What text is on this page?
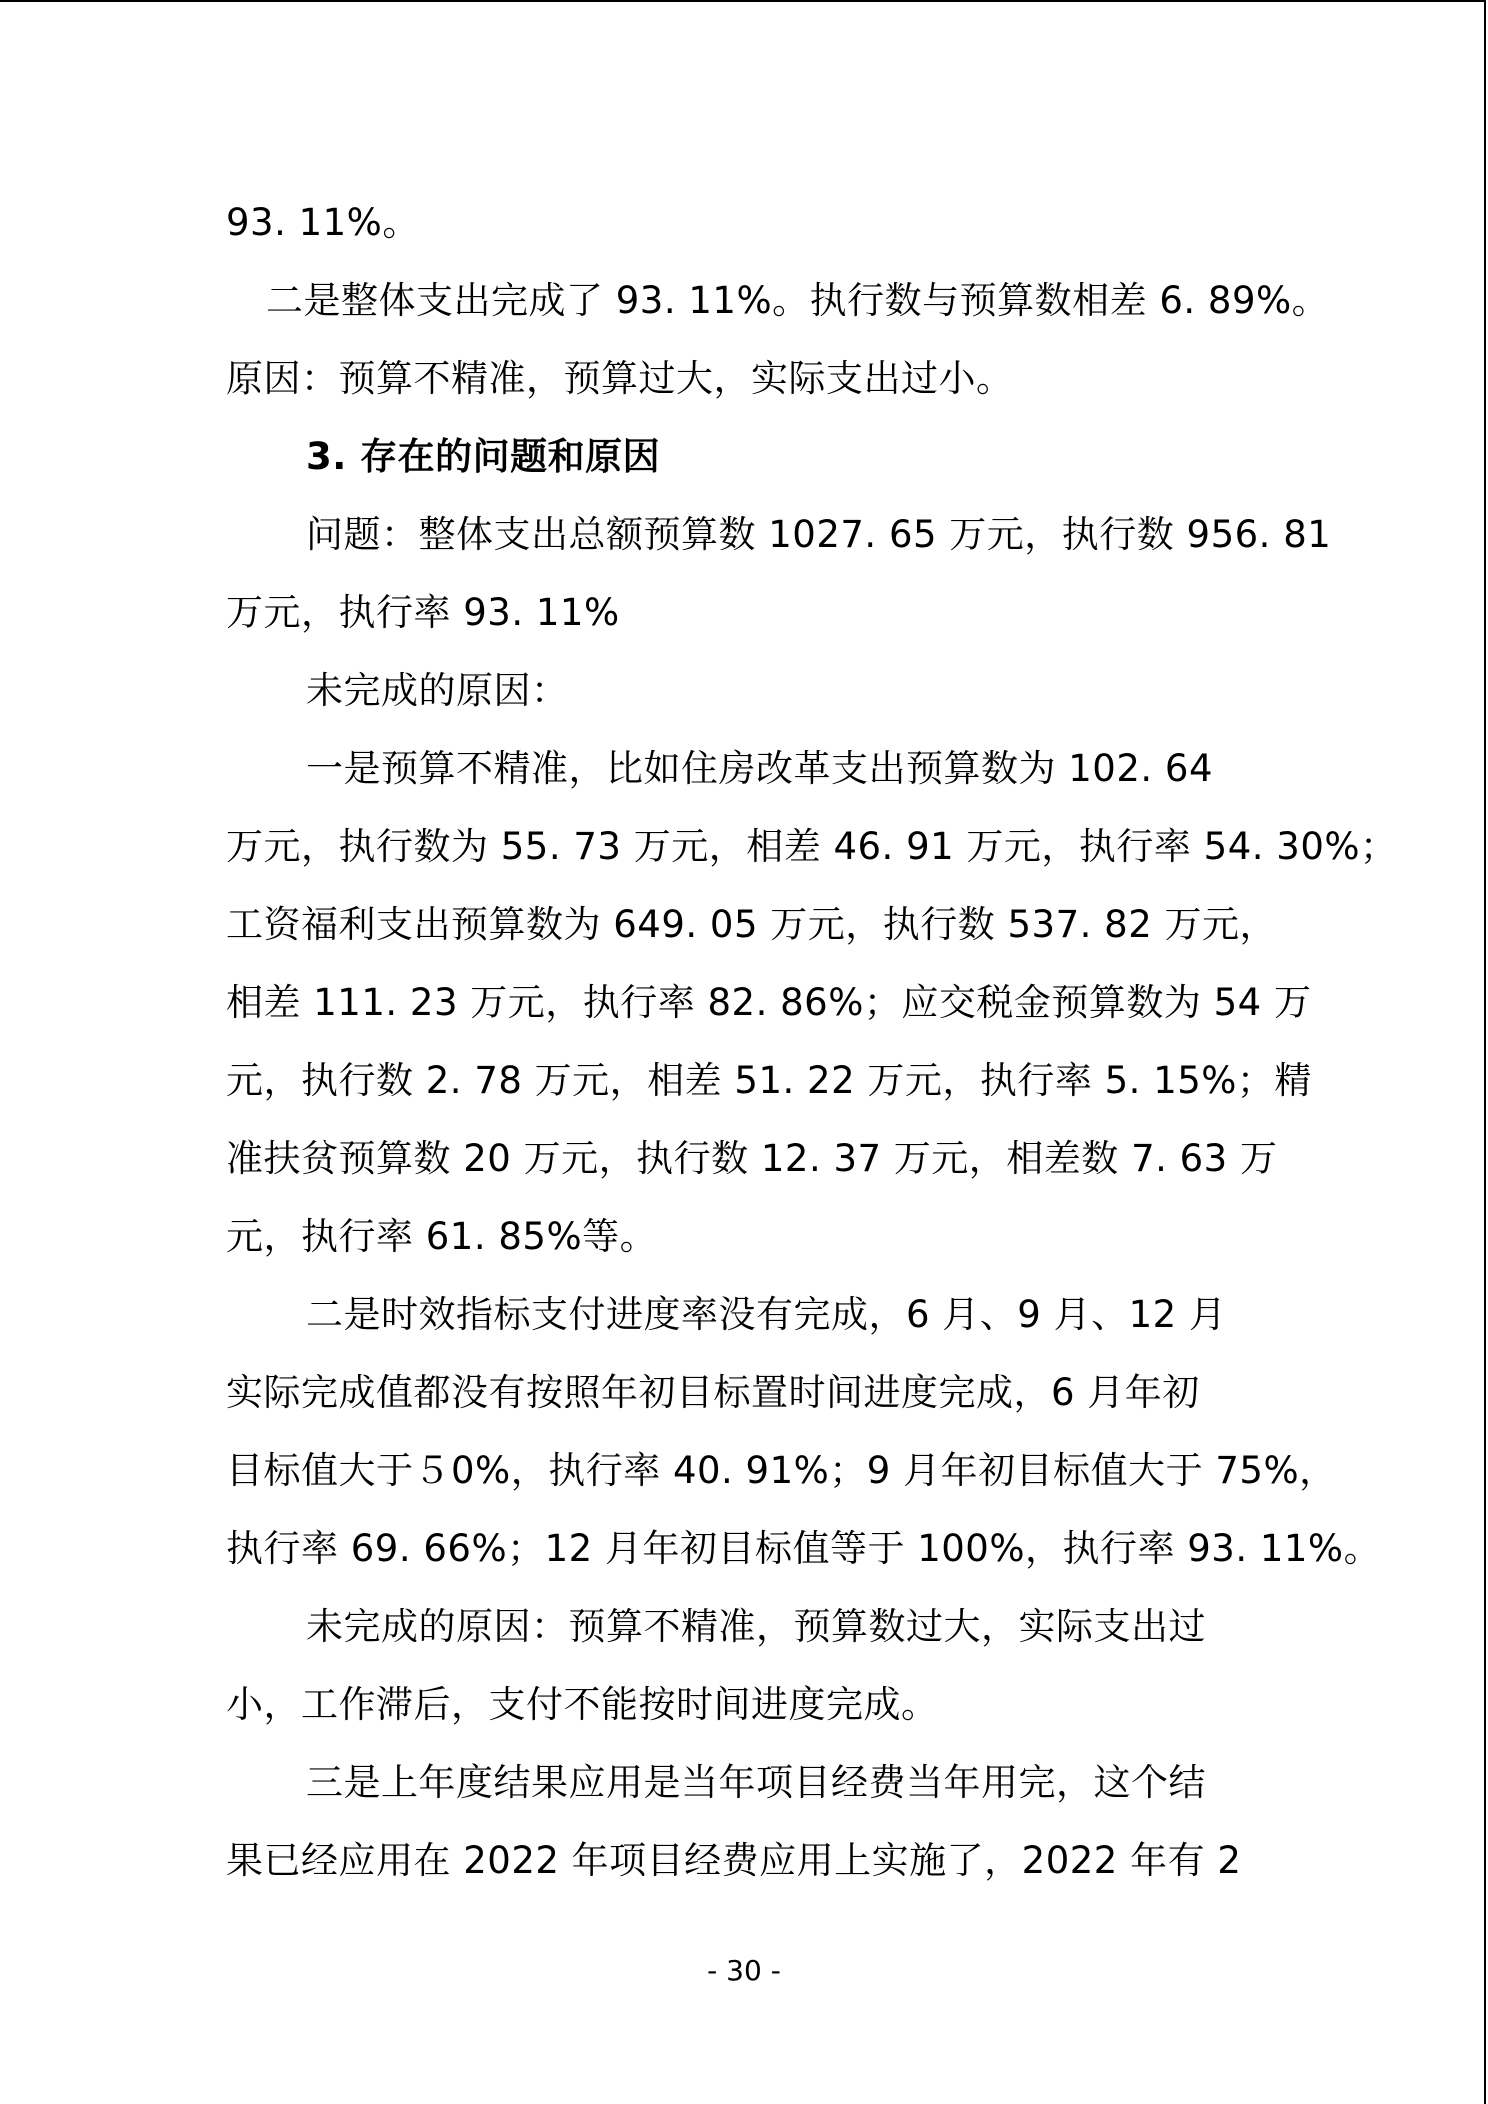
93. 11%。
二是整体支出完成了 93. 11%。执行数与预算数相差 6. 89%。
原因：预算不精准，预算过大，实际支出过小。
3. 存在的问题和原因
问题：整体支出总额预算数 1027. 65 万元，执行数 956. 81
万元，执行率 93. 11%
未完成的原因：
一是预算不精准，比如住房改革支出预算数为 102. 64
万元，执行数为 55. 73 万元，相差 46. 91 万元，执行率 54. 30%；
工资福利支出预算数为 649. 05 万元，执行数 537. 82 万元，
相差 111. 23 万元，执行率 82. 86%；应交税金预算数为 54 万
元，执行数 2. 78 万元，相差 51. 22 万元，执行率 5. 15%；精
准扶贫预算数 20 万元，执行数 12. 37 万元，相差数 7. 63 万
元，执行率 61. 85%等。
二是时效指标支付进度率没有完成，6 月、9 月、12 月
实际完成值都没有按照年初目标置时间进度完成，6 月年初
目标值大于５0%，执行率 40. 91%；9 月年初目标值大于 75%，
执行率 69. 66%；12 月年初目标值等于 100%，执行率 93. 11%。
未完成的原因：预算不精准，预算数过大，实际支出过
小，工作滞后，支付不能按时间进度完成。
三是上年度结果应用是当年项目经费当年用完，这个结
果已经应用在 2022 年项目经费应用上实施了，2022 年有 2
- 30 -
